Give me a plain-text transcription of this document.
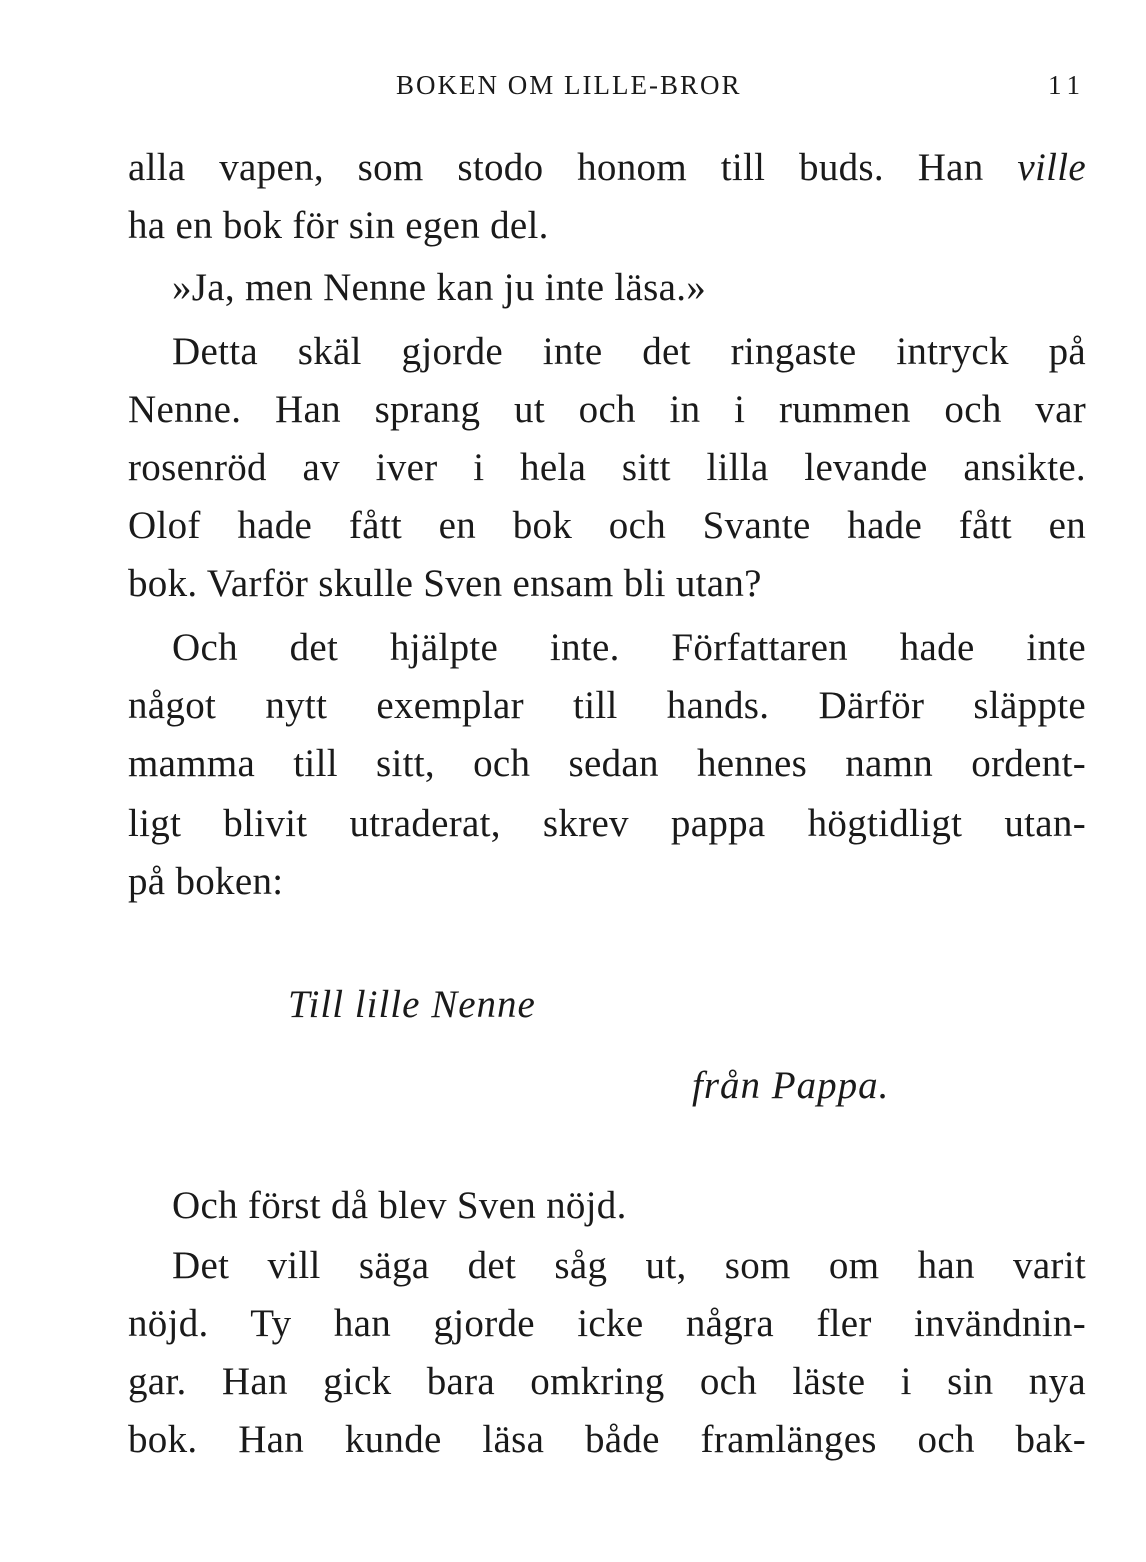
BOKEN OM LILLE-BROR	11
alla vapen, som stodo honom till buds. Han ville
ha en bok för sin egen del.
»Ja, men Nenne kan ju inte läsa.»
Detta skäl gjorde inte det ringaste intryck på
Nenne. Han sprang ut och in i rummen och var
rosenröd av iver i hela sitt lilla levande ansikte.
Olof hade fått en bok och Svante hade fått en
bok. Varför skulle Sven ensam bli utan?
Och det hjälpte inte. Författaren hade inte
något nytt exemplar till hands. Därför släppte
mamma till sitt, och sedan hennes namn ordent-
ligt blivit utraderat, skrev pappa högtidligt utan-
på boken:
Till lille Nenne
från Pappa.
Och först då blev Sven nöjd.
Det vill säga det såg ut, som om han varit
nöjd. Ty han gjorde icke några fler invändnin-
gar. Han gick bara omkring och läste i sin nya
bok. Han kunde läsa både framlänges och bak-
